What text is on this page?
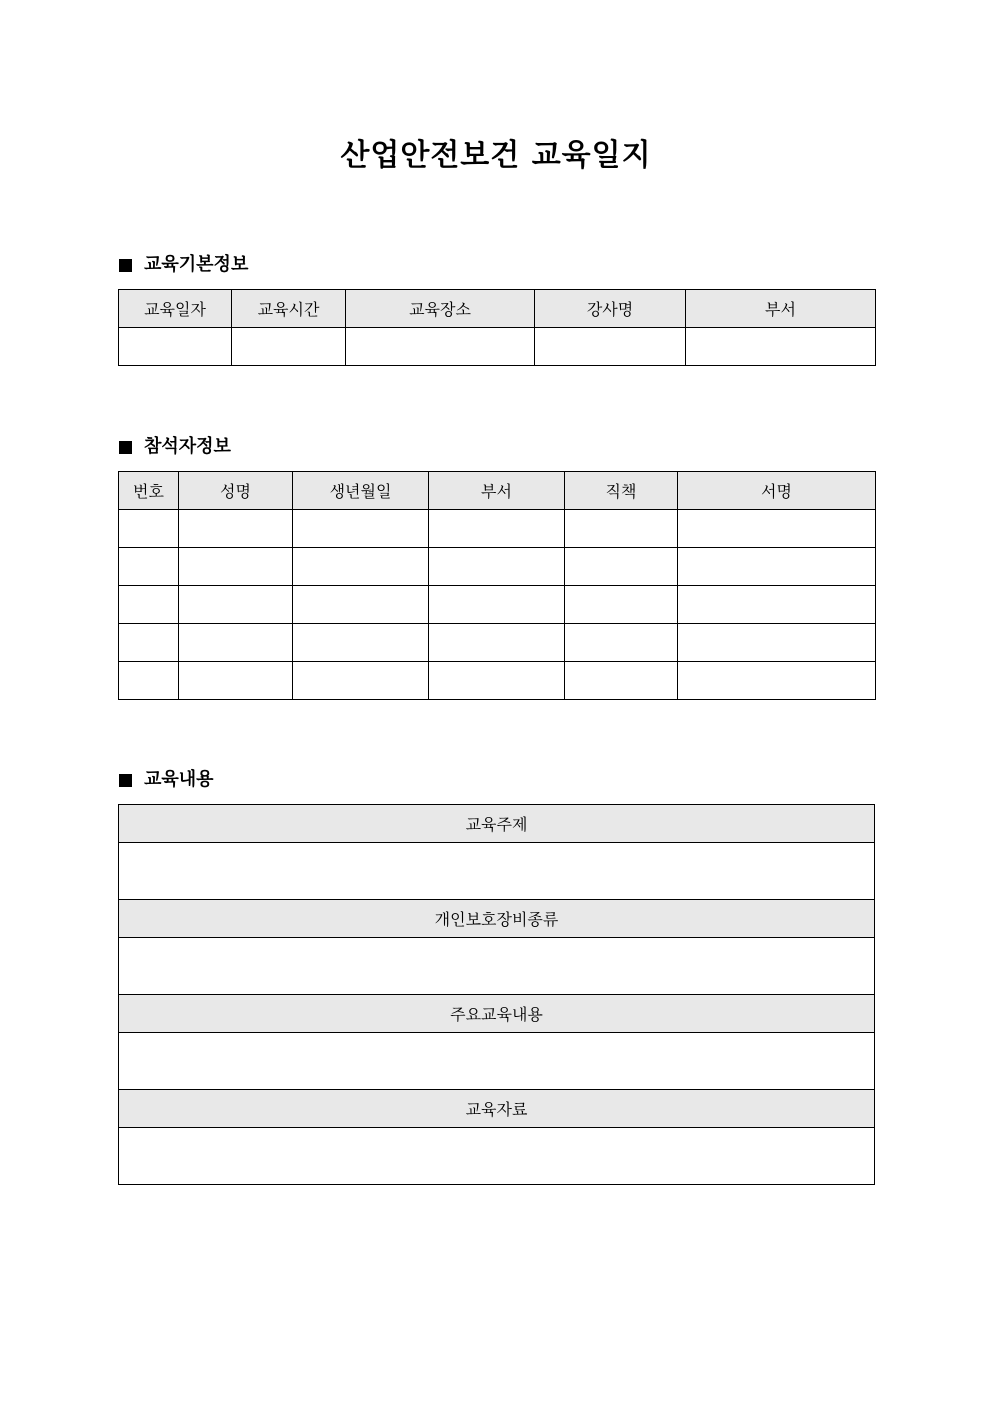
산업안전보건 교육일지
교육기본정보
교육일자	교육시간	교육장소	강사명	부서

참석자정보
번호	성명	생년월일	부서	직책	서명

교육내용
교육주제

개인보호장비종류

주요교육내용

교육자료
